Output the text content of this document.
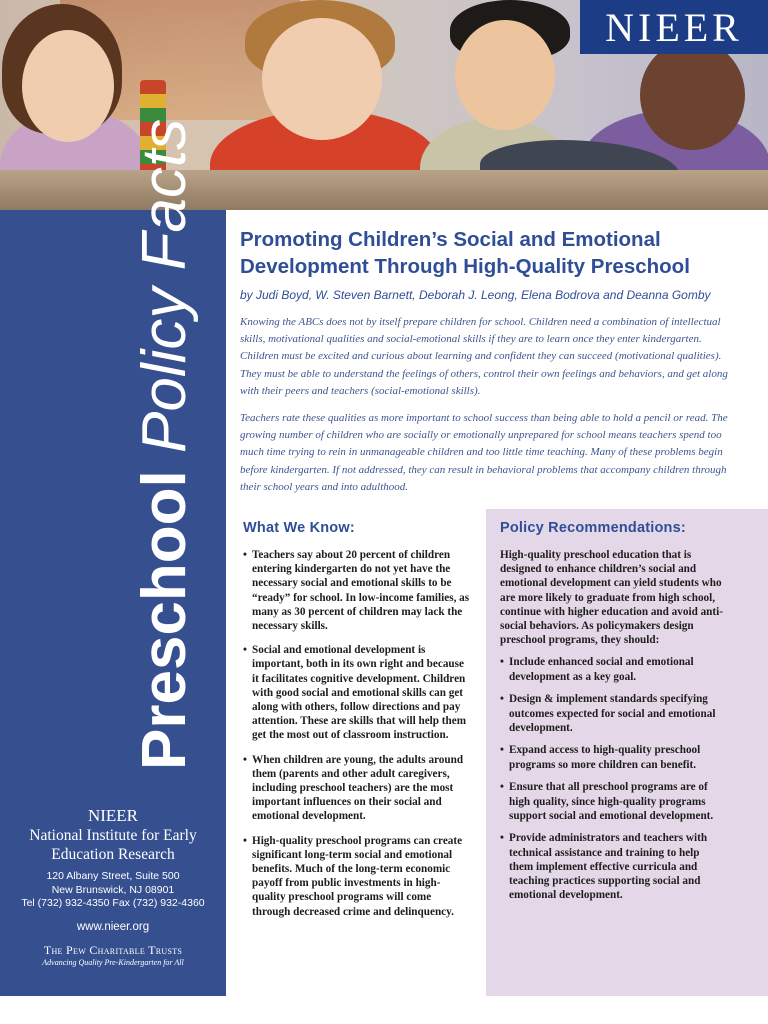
NIEER
Preschool Policy Facts
NIEER
National Institute for Early
Education Research
120 Albany Street, Suite 500
New Brunswick, NJ 08901
Tel (732) 932-4350 Fax (732) 932-4360
www.nieer.org
The Pew Charitable Trusts
Advancing Quality Pre-Kindergarten for All
Promoting Children’s Social and Emotional
Development Through High-Quality Preschool
by Judi Boyd, W. Steven Barnett, Deborah J. Leong, Elena Bodrova and Deanna Gomby

Knowing the ABCs does not by itself prepare children for school. Children need a combination of intellectual skills, motivational qualities and social-emotional skills if they are to learn once they enter kindergarten. Children must be excited and curious about learning and confident they can succeed (motivational qualities). They must be able to understand the feelings of others, control their own feelings and behaviors, and get along with their peers and teachers (social-emotional skills).

Teachers rate these qualities as more important to school success than being able to hold a pencil or read. The growing number of children who are socially or emotionally unprepared for school means teachers spend too much time trying to rein in unmanageable children and too little time teaching. Many of these problems begin before kindergarten. If not addressed, they can result in behavioral problems that accompany children through their school years and into adulthood.

What We Know:
• Teachers say about 20 percent of children entering kindergarten do not yet have the necessary social and emotional skills to be “ready” for school. In low-income families, as many as 30 percent of children may lack the necessary skills.
• Social and emotional development is important, both in its own right and because it facilitates cognitive development. Children with good social and emotional skills can get along with others, follow directions and pay attention. These are skills that will help them get the most out of classroom instruction.
• When children are young, the adults around them (parents and other adult caregivers, including preschool teachers) are the most important influences on their social and emotional development.
• High-quality preschool programs can create significant long-term social and emotional benefits. Much of the long-term economic payoff from public investments in high-quality preschool programs will come through decreased crime and delinquency.
Policy Recommendations:

High-quality preschool education that is designed to enhance children’s social and emotional development can yield students who are more likely to graduate from high school, continue with higher education and avoid anti-social behaviors. As policymakers design preschool programs, they should:

• Include enhanced social and emotional development as a key goal.
• Design & implement standards specifying outcomes expected for social and emotional development.
• Expand access to high-quality preschool programs so more children can benefit.
• Ensure that all preschool programs are of high quality, since high-quality programs support social and emotional development.
• Provide administrators and teachers with technical assistance and training to help them implement effective curricula and teaching practices supporting social and emotional development.
